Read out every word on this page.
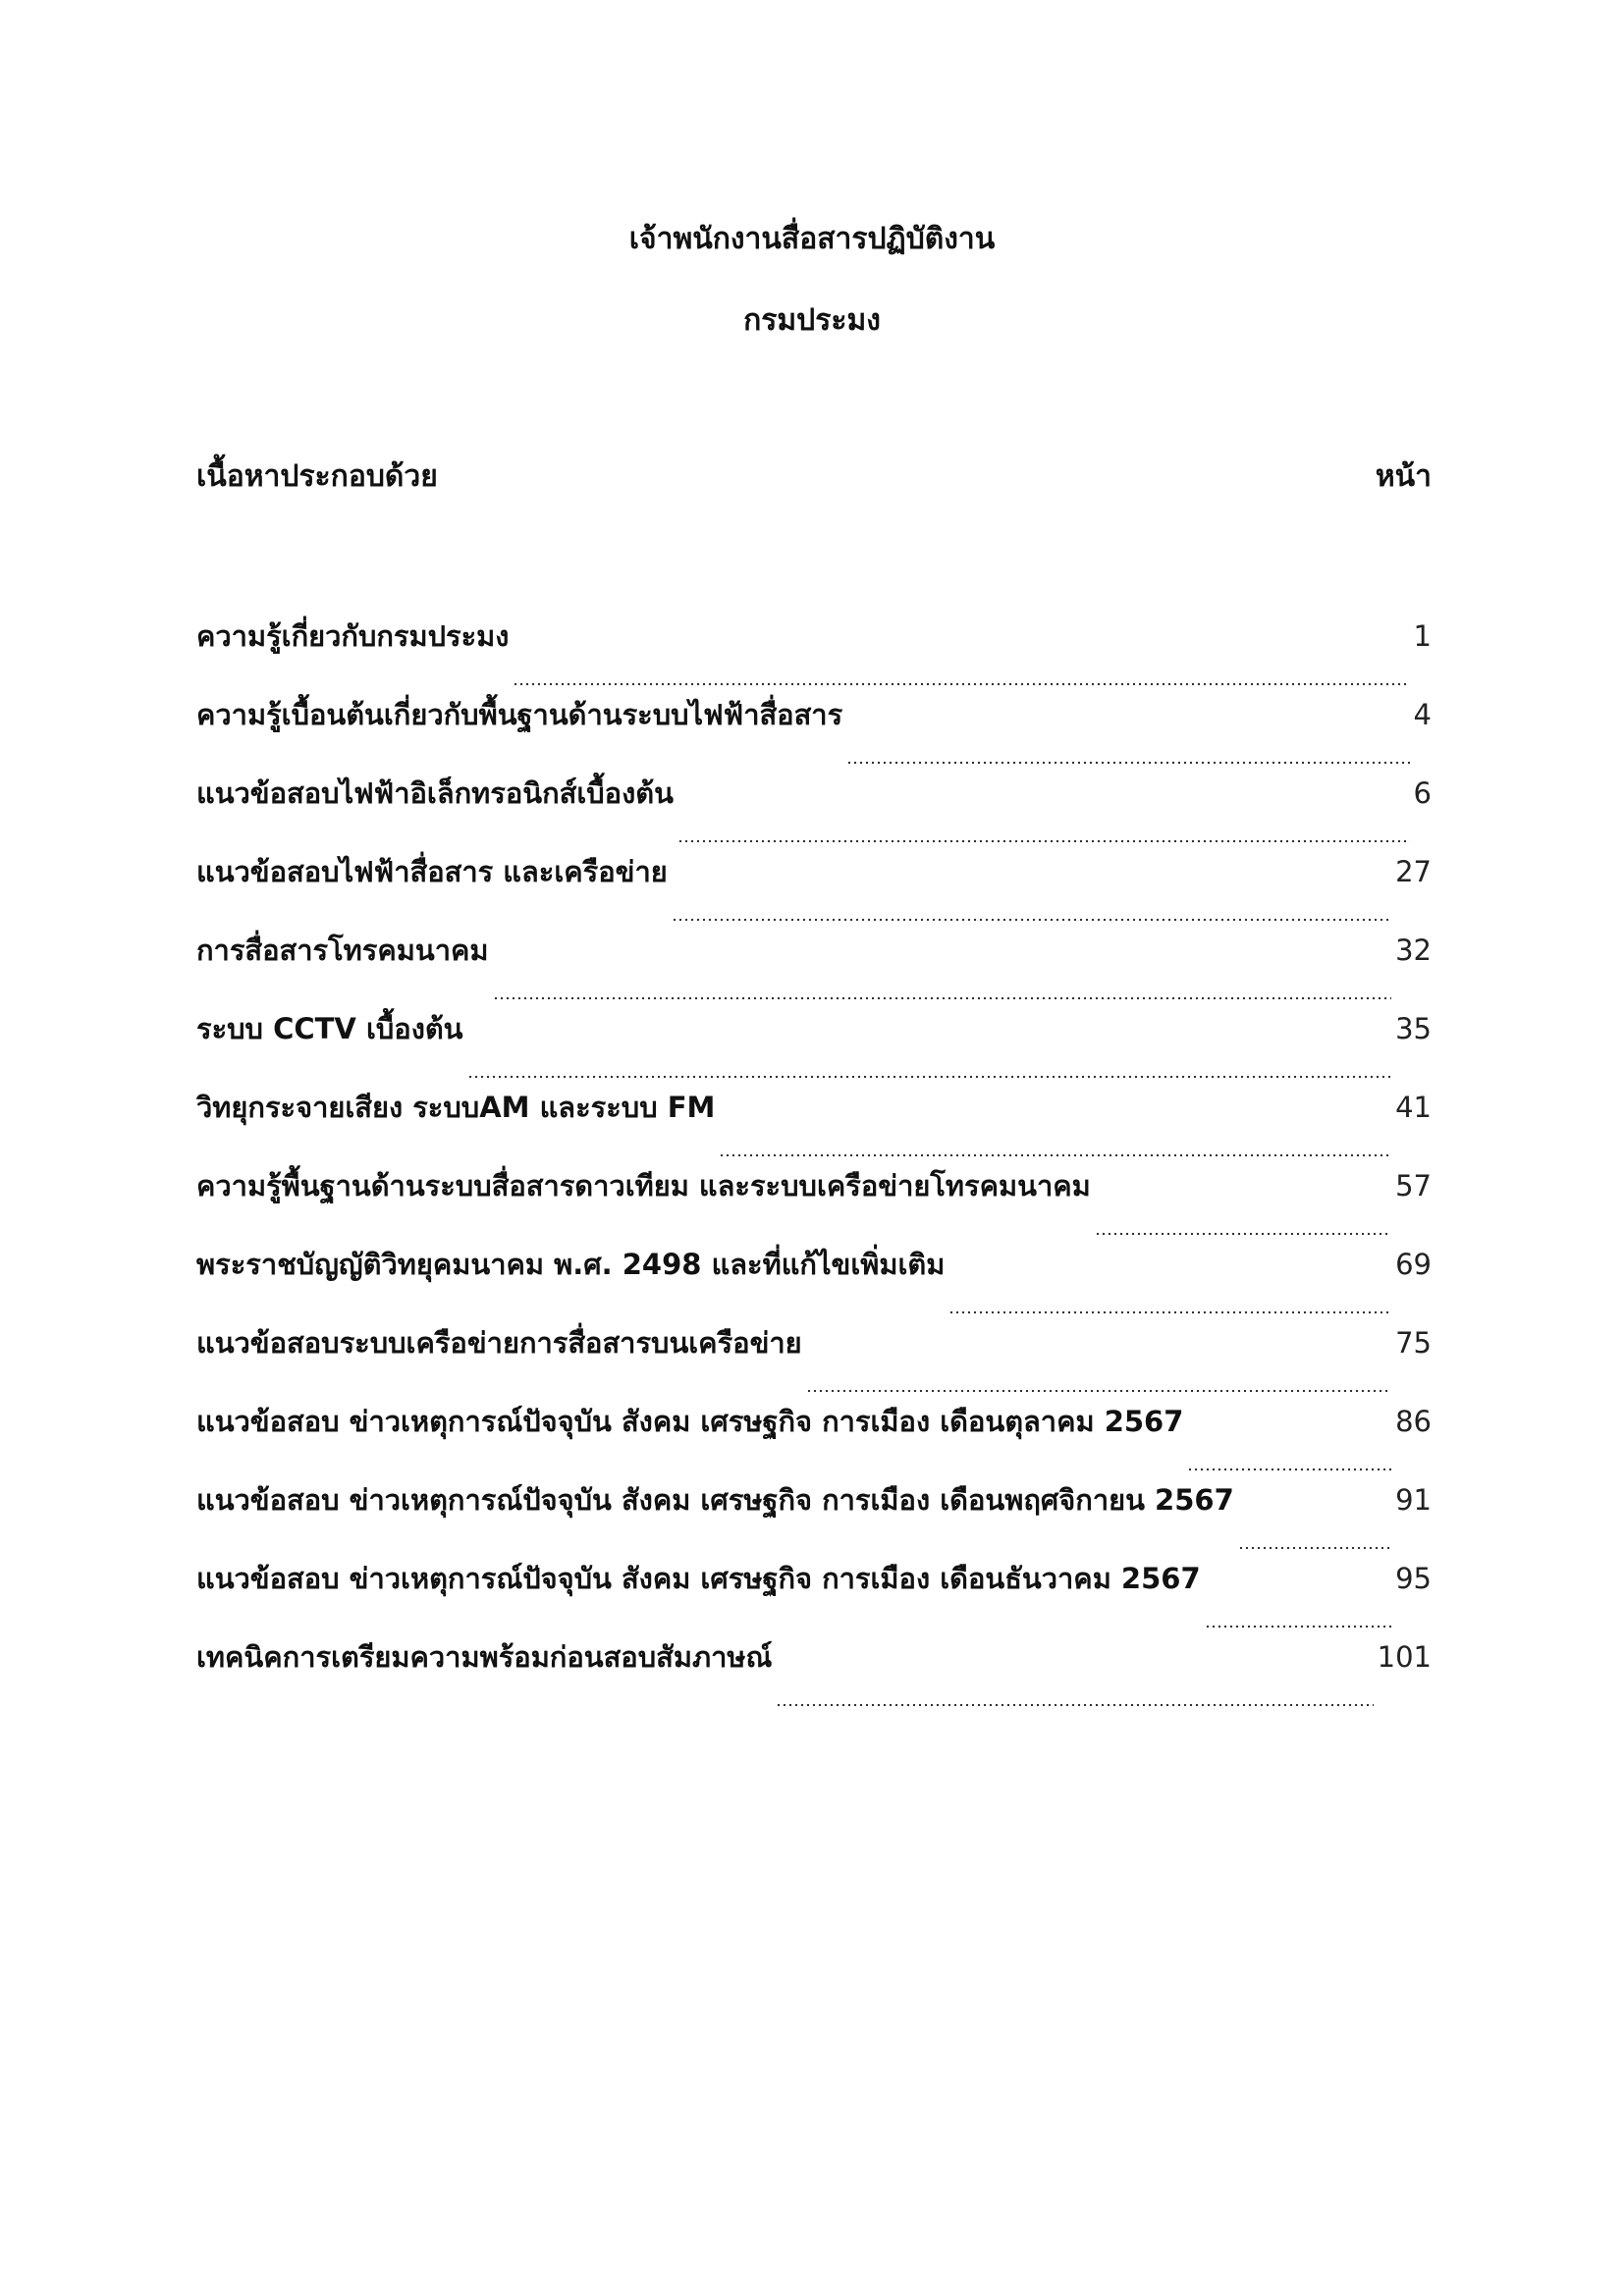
เจ้าพนักงานสื่อสารปฏิบัติงาน
กรมประมง
เนื้อหาประกอบด้วย	หน้า
ความรู้เกี่ยวกับกรมประมง	1
ความรู้เบื้อนต้นเกี่ยวกับพื้นฐานด้านระบบไฟฟ้าสื่อสาร	4
แนวข้อสอบไฟฟ้าอิเล็กทรอนิกส์เบื้องต้น	6
แนวข้อสอบไฟฟ้าสื่อสาร และเครือข่าย	27
การสื่อสารโทรคมนาคม	32
ระบบ CCTV เบื้องต้น	35
วิทยุกระจายเสียง ระบบAM และระบบ FM	41
ความรู้พื้นฐานด้านระบบสื่อสารดาวเทียม และระบบเครือข่ายโทรคมนาคม	57
พระราชบัญญัติวิทยุคมนาคม พ.ศ. 2498 และที่แก้ไขเพิ่มเติม	69
แนวข้อสอบระบบเครือข่ายการสื่อสารบนเครือข่าย	75
แนวข้อสอบ ข่าวเหตุการณ์ปัจจุบัน สังคม เศรษฐกิจ การเมือง เดือนตุลาคม 2567	86
แนวข้อสอบ ข่าวเหตุการณ์ปัจจุบัน สังคม เศรษฐกิจ การเมือง เดือนพฤศจิกายน 2567	91
แนวข้อสอบ ข่าวเหตุการณ์ปัจจุบัน สังคม เศรษฐกิจ การเมือง เดือนธันวาคม 2567	95
เทคนิคการเตรียมความพร้อมก่อนสอบสัมภาษณ์	101
